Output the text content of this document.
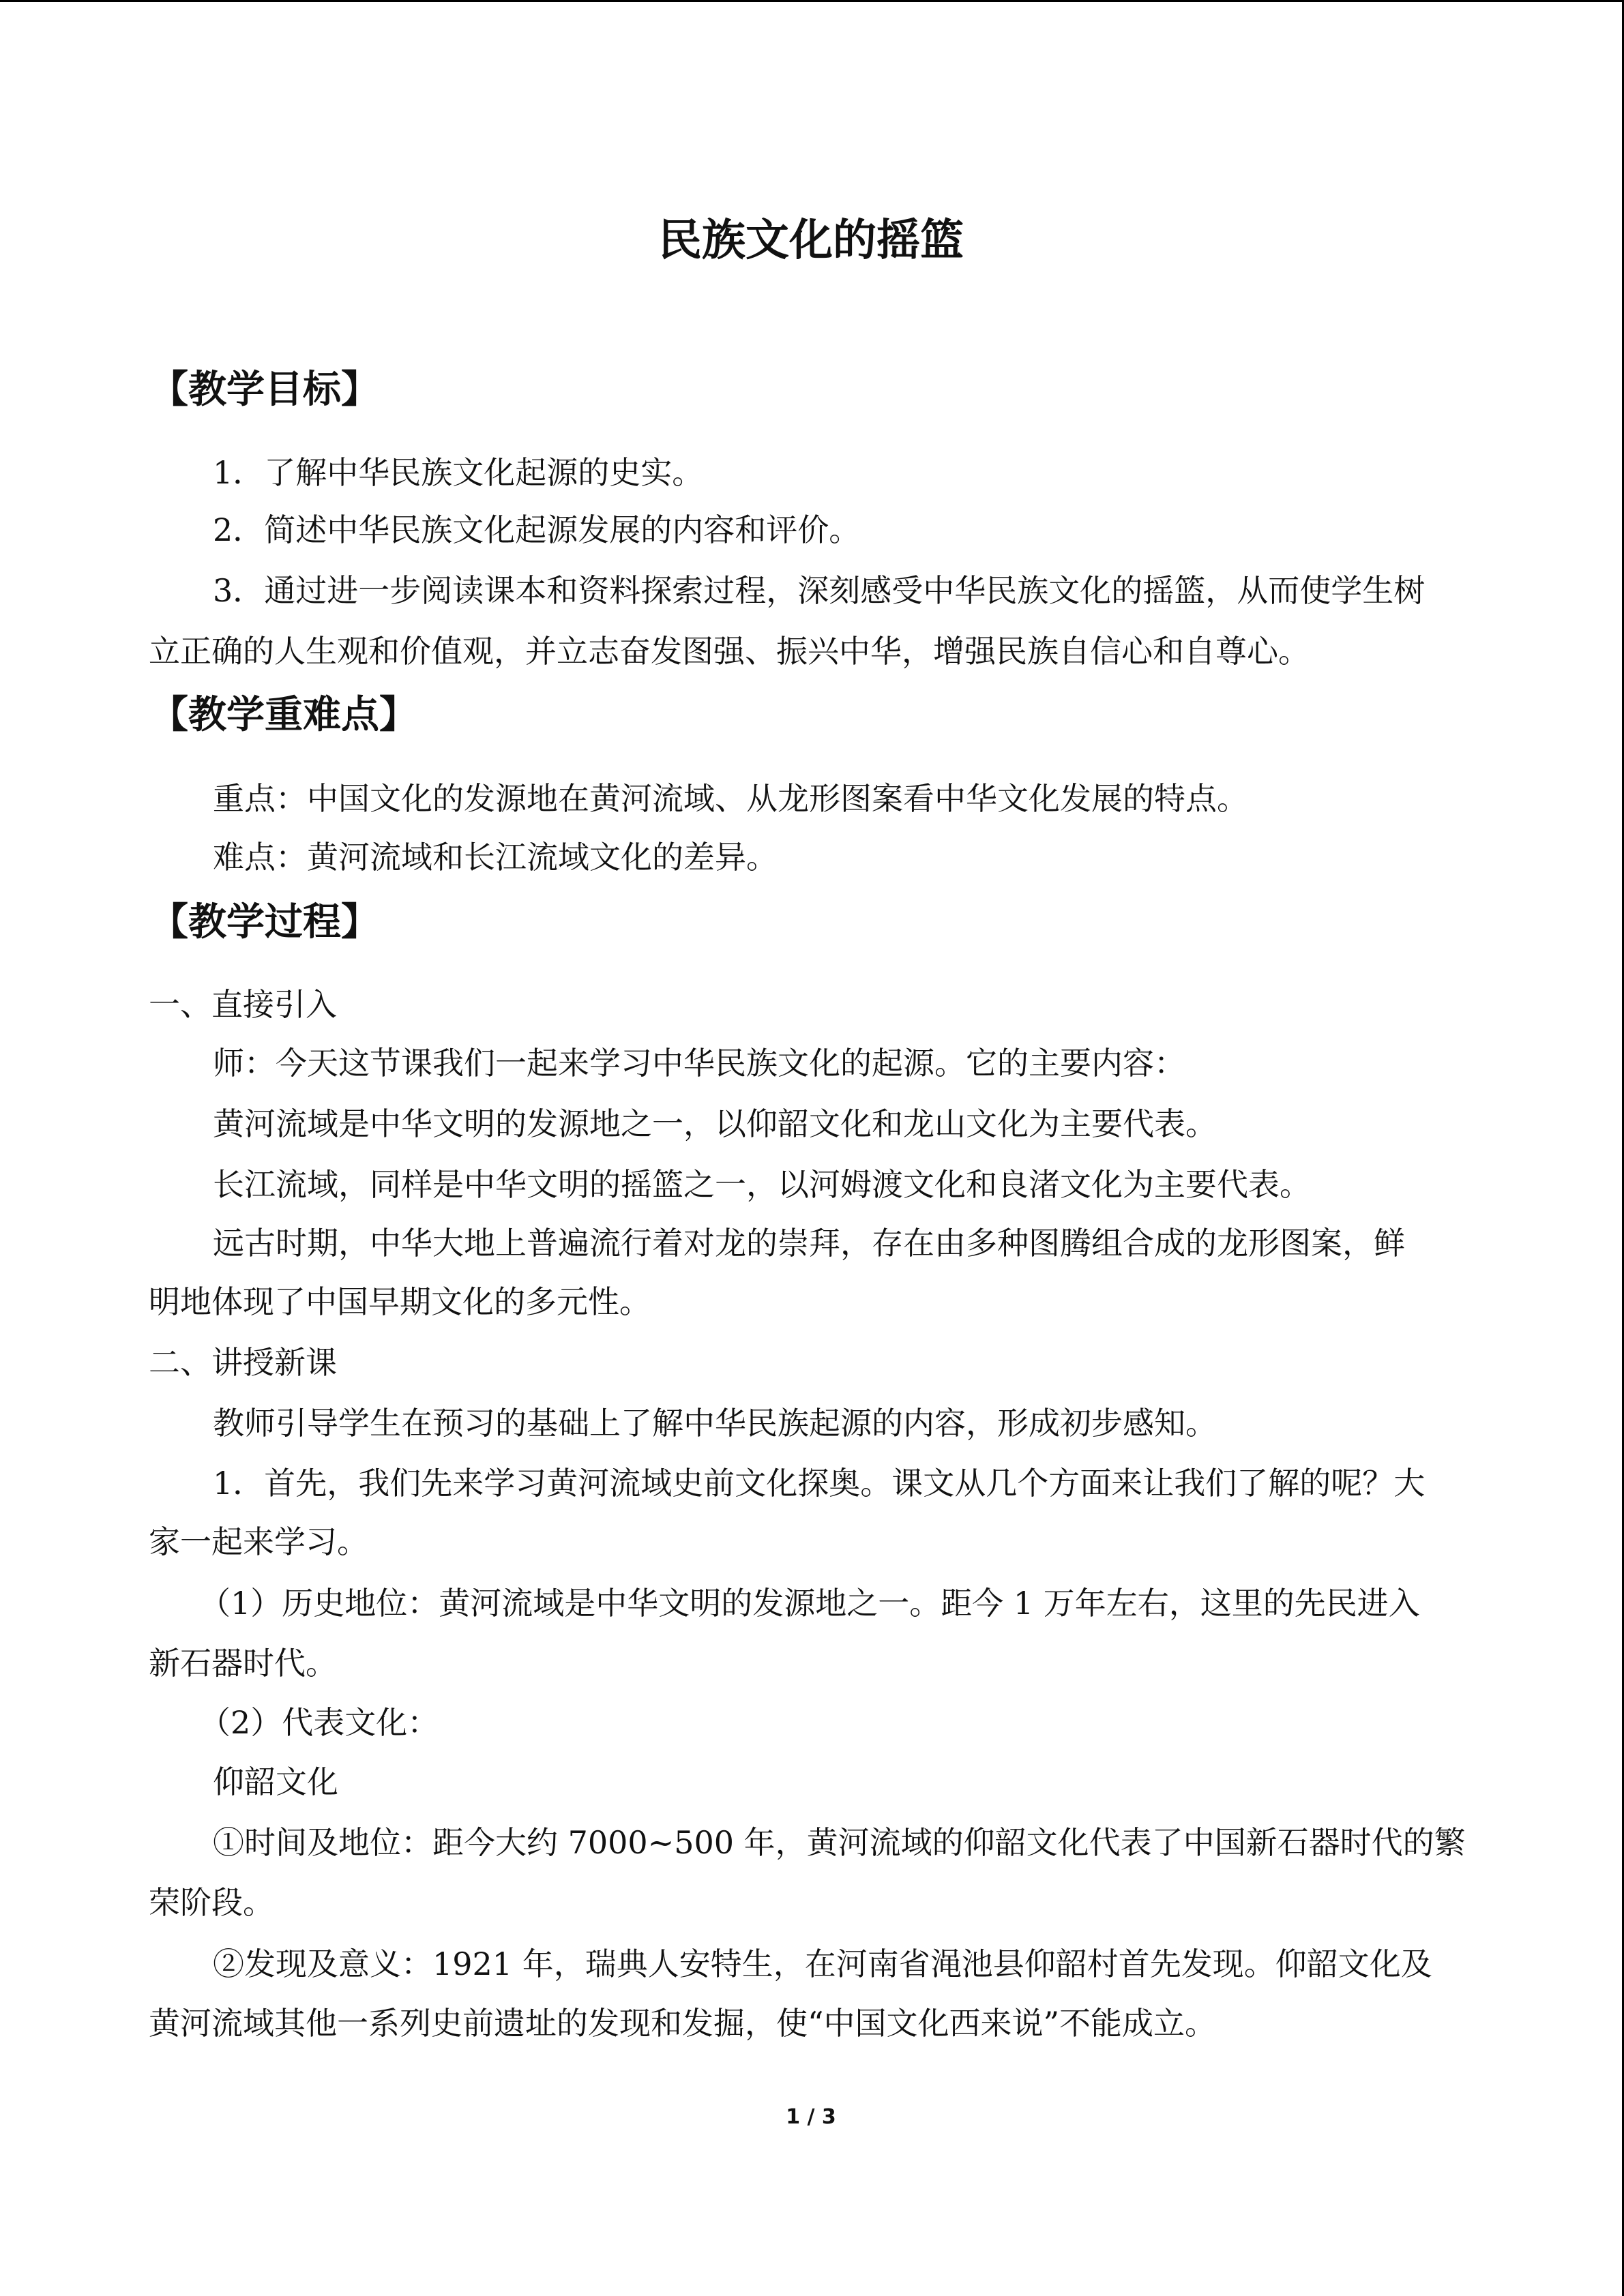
民族文化的摇篮
【教学目标】
1．了解中华民族文化起源的史实。
2．简述中华民族文化起源发展的内容和评价。
3．通过进一步阅读课本和资料探索过程，深刻感受中华民族文化的摇篮，从而使学生树
立正确的人生观和价值观，并立志奋发图强、振兴中华，增强民族自信心和自尊心。
【教学重难点】
重点：中国文化的发源地在黄河流域、从龙形图案看中华文化发展的特点。
难点：黄河流域和长江流域文化的差异。
【教学过程】
一、直接引入
师：今天这节课我们一起来学习中华民族文化的起源。它的主要内容：
黄河流域是中华文明的发源地之一，以仰韶文化和龙山文化为主要代表。
长江流域，同样是中华文明的摇篮之一，以河姆渡文化和良渚文化为主要代表。
远古时期，中华大地上普遍流行着对龙的崇拜，存在由多种图腾组合成的龙形图案，鲜
明地体现了中国早期文化的多元性。
二、讲授新课
教师引导学生在预习的基础上了解中华民族起源的内容，形成初步感知。
1．首先，我们先来学习黄河流域史前文化探奥。课文从几个方面来让我们了解的呢？大
家一起来学习。
（1）历史地位：黄河流域是中华文明的发源地之一。距今 1 万年左右，这里的先民进入
新石器时代。
（2）代表文化：
仰韶文化
①时间及地位：距今大约 7000~500 年，黄河流域的仰韶文化代表了中国新石器时代的繁
荣阶段。
②发现及意义：1921 年，瑞典人安特生，在河南省渑池县仰韶村首先发现。仰韶文化及
黄河流域其他一系列史前遗址的发现和发掘，使“中国文化西来说”不能成立。
1 / 3
